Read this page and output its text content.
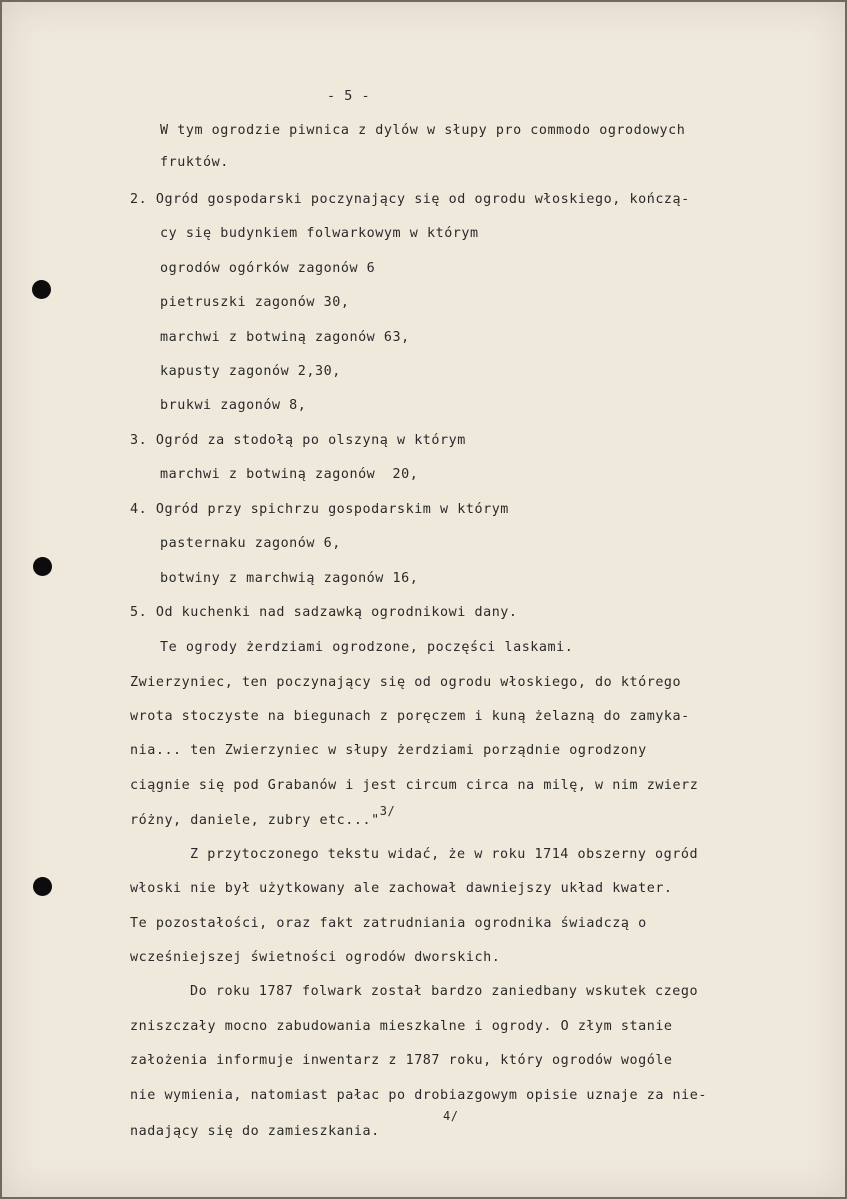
- 5 -
W tym ogrodzie piwnica z dylów w słupy pro commodo ogrodowych
fruktów.
2. Ogród gospodarski poczynający się od ogrodu włoskiego, kończą-
cy się budynkiem folwarkowym w którym
ogrodów ogórków zagonów 6
pietruszki zagonów 30,
marchwi z botwiną zagonów 63,
kapusty zagonów 2,30,
brukwi zagonów 8,
3. Ogród za stodołą po olszyną w którym
marchwi z botwiną zagonów  20,
4. Ogród przy spichrzu gospodarskim w którym
pasternaku zagonów 6,
botwiny z marchwią zagonów 16,
5. Od kuchenki nad sadzawką ogrodnikowi dany.
Te ogrody żerdziami ogrodzone, poczęści laskami.
Zwierzyniec, ten poczynający się od ogrodu włoskiego, do którego
wrota stoczyste na biegunach z poręczem i kuną żelazną do zamyka-
nia... ten Zwierzyniec w słupy żerdziami porządnie ogrodzony
ciągnie się pod Grabanów i jest circum circa na milę, w nim zwierz
różny, daniele, zubry etc..."3/
Z przytoczonego tekstu widać, że w roku 1714 obszerny ogród
włoski nie był użytkowany ale zachował dawniejszy układ kwater.
Te pozostałości, oraz fakt zatrudniania ogrodnika świadczą o
wcześniejszej świetności ogrodów dworskich.
Do roku 1787 folwark został bardzo zaniedbany wskutek czego
zniszczały mocno zabudowania mieszkalne i ogrody. O złym stanie
założenia informuje inwentarz z 1787 roku, który ogrodów wogóle
nie wymienia, natomiast pałac po drobiazgowym opisie uznaje za nie-
4/
nadający się do zamieszkania.
